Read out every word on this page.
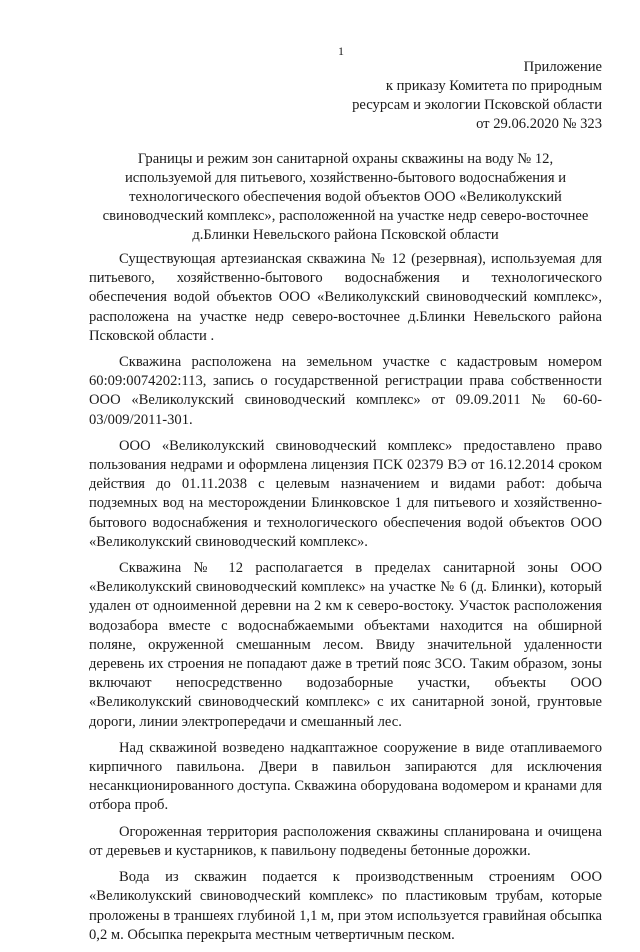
1
Приложение
к приказу Комитета по природным
ресурсам и экологии Псковской области
от 29.06.2020 № 323
Границы и режим зон санитарной охраны скважины на воду № 12,
используемой для питьевого, хозяйственно-бытового водоснабжения и
технологического обеспечения водой объектов ООО «Великолукский
свиноводческий комплекс», расположенной на участке недр северо-восточнее
д.Блинки Невельского района Псковской области

Существующая артезианская скважина № 12 (резервная), используемая для питьевого, хозяйственно-бытового водоснабжения и технологического обеспечения водой объектов ООО «Великолукский свиноводческий комплекс», расположена на участке недр северо-восточнее д.Блинки Невельского района Псковской области .

Скважина расположена на земельном участке с кадастровым номером 60:09:0074202:113, запись о государственной регистрации права собственности ООО «Великолукский свиноводческий комплекс» от 09.09.2011 № 60-60-03/009/2011-301.

ООО «Великолукский свиноводческий комплекс» предоставлено право пользования недрами и оформлена лицензия ПСК 02379 ВЭ от 16.12.2014 сроком действия до 01.11.2038 с целевым назначением и видами работ: добыча подземных вод на месторождении Блинковское 1 для питьевого и хозяйственно-бытового водоснабжения и технологического обеспечения водой объектов ООО «Великолукский свиноводческий комплекс».

Скважина № 12 располагается в пределах санитарной зоны ООО «Великолукский свиноводческий комплекс» на участке № 6 (д. Блинки), который удален от одноименной деревни на 2 км к северо-востоку. Участок расположения водозабора вместе с водоснабжаемыми объектами находится на обширной поляне, окруженной смешанным лесом. Ввиду значительной удаленности деревень их строения не попадают даже в третий пояс ЗСО. Таким образом, зоны включают непосредственно водозаборные участки, объекты ООО «Великолукский свиноводческий комплекс» с их санитарной зоной, грунтовые дороги, линии электропередачи и смешанный лес.

Над скважиной возведено надкаптажное сооружение в виде отапливаемого кирпичного павильона. Двери в павильон запираются для исключения несанкционированного доступа. Скважина оборудована водомером и кранами для отбора проб.

Огороженная территория расположения скважины спланирована и очищена от деревьев и кустарников, к павильону подведены бетонные дорожки.

Вода из скважин подается к производственным строениям ООО «Великолукский свиноводческий комплекс» по пластиковым трубам, которые проложены в траншеях глубиной 1,1 м, при этом используется гравийная обсыпка 0,2 м. Обсыпка перекрыта местным четвертичным песком.
